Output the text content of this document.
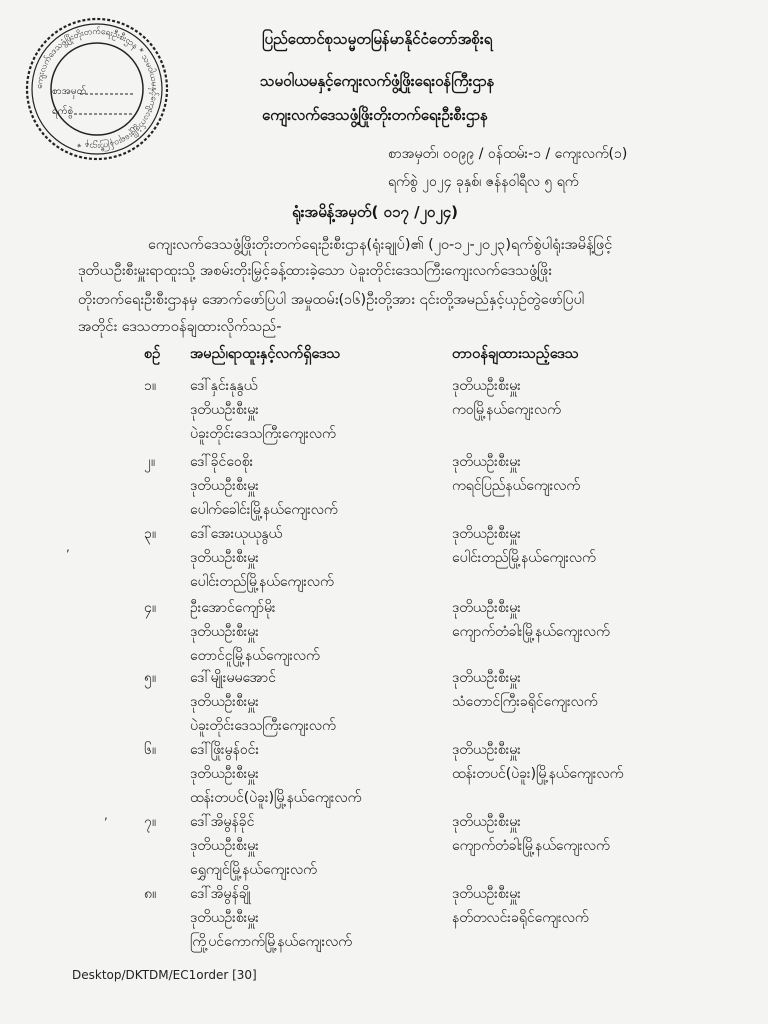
ကျေးလက်ဒေသဖွံ့ဖြိုးတိုးတက်ရေးဦးစီးဌာန * သမဝါယမနှင့်ကျေးလက်ဖွံ့ဖြိုးရေးဝန်ကြီးဌာန *
စာအမှတ်
ရက်စွဲ
ပြည်ထောင်စုသမ္မတမြန်မာနိုင်ငံတော်အစိုးရ
သမဝါယမနှင့်ကျေးလက်ဖွံ့ဖြိုးရေးဝန်ကြီးဌာန
ကျေးလက်ဒေသဖွံ့ဖြိုးတိုးတက်ရေးဦးစီးဌာန
စာအမှတ်၊ ၀၀၉၉ / ဝန်ထမ်း-၁ / ကျေးလက်(၁)
ရက်စွဲ ၂၀၂၄ ခုနှစ်၊ ဇန်နဝါရီလ ၅ ရက်
ရုံးအမိန့်အမှတ်( ၀၁၇ /၂၀၂၄)
ကျေးလက်ဒေသဖွံ့ဖြိုးတိုးတက်ရေးဦးစီးဌာန(ရုံးချုပ်)၏ (၂၀-၁၂-၂၀၂၃)ရက်စွဲပါရုံးအမိန့်ဖြင့်
ဒုတိယဦးစီးမှူးရာထူးသို့ အစမ်းတိုးမြှင့်ခန့်ထားခဲ့သော ပဲခူးတိုင်းဒေသကြီးကျေးလက်ဒေသဖွံ့ဖြိုး
တိုးတက်ရေးဦးစီးဌာနမှ အောက်ဖော်ပြပါ အမှုထမ်း(၁၆)ဦးတို့အား ၎င်းတို့အမည်နှင့်ယှဉ်တွဲဖော်ပြပါ
အတိုင်း ဒေသတာဝန်ချထားလိုက်သည်-
စဉ် အမည်၊ရာထူးနှင့်လက်ရှိဒေသ	တာဝန်ချထားသည့်ဒေသ
၁။ ဒေါ်နှင်းနုနွယ်
ဒုတိယဦးစီးမှူး
ပဲခူးတိုင်းဒေသကြီးကျေးလက်
ဒုတိယဦးစီးမှူး
ကဝမြို့နယ်ကျေးလက်
၂။ ဒေါ်ခိုင်ဝေစိုး
ဒုတိယဦးစီးမှူး
ပေါက်ခေါင်းမြို့နယ်ကျေးလက်
ဒုတိယဦးစီးမှူး
ကရင်ပြည်နယ်ကျေးလက်
၃။ ဒေါ်အေးယုယုနွယ်
ဒုတိယဦးစီးမှူး
ပေါင်းတည်မြို့နယ်ကျေးလက်
ဒုတိယဦးစီးမှူး
ပေါင်းတည်မြို့နယ်ကျေးလက်
၄။ ဦးအောင်ကျော်မိုး
ဒုတိယဦးစီးမှူး
တောင်ငူမြို့နယ်ကျေးလက်
ဒုတိယဦးစီးမှူး
ကျောက်တံခါးမြို့နယ်ကျေးလက်
၅။ ဒေါ်မျိုးမမအောင်
ဒုတိယဦးစီးမှူး
ပဲခူးတိုင်းဒေသကြီးကျေးလက်
ဒုတိယဦးစီးမှူး
သံတောင်ကြီးခရိုင်ကျေးလက်
၆။ ဒေါ်ဖြိုးမွန်ဝင်း
ဒုတိယဦးစီးမှူး
ထန်းတပင်(ပဲခူး)မြို့နယ်ကျေးလက်
ဒုတိယဦးစီးမှူး
ထန်းတပင်(ပဲခူး)မြို့နယ်ကျေးလက်
၇။ ဒေါ်အိမွန်ခိုင်
ဒုတိယဦးစီးမှူး
ရွှေကျင်မြို့နယ်ကျေးလက်
ဒုတိယဦးစီးမှူး
ကျောက်တံခါးမြို့နယ်ကျေးလက်
၈။ ဒေါ်အိမွန်ချို
ဒုတိယဦးစီးမှူး
ကြို့ပင်ကောက်မြို့နယ်ကျေးလက်
ဒုတိယဦးစီးမှူး
နတ်တလင်းခရိုင်ကျေးလက်
,
,
Desktop/DKTDM/EC1order [30]
